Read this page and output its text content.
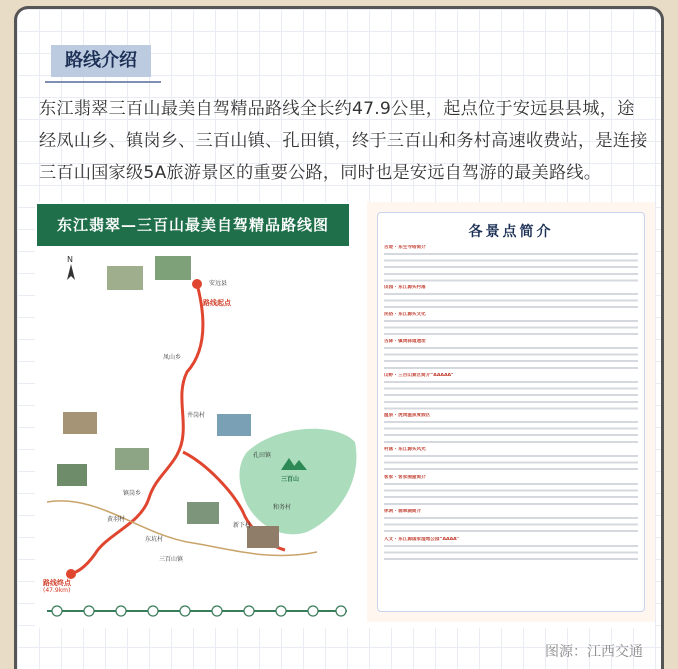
路线介绍
东江翡翠三百山最美自驾精品路线全长约47.9公里，起点位于安远县县城，途经凤山乡、镇岗乡、三百山镇、孔田镇，终于三百山和务村高速收费站，是连接三百山国家级5A旅游景区的重要公路，同时也是安远自驾游的最美路线。
东江翡翠—三百山最美自驾精品路线图
N
路线起点
路线终点
(47.9km)
安远县
凤山乡
井岗村
黄羽村
东坑村
镇岗乡
新下村
三百山镇
孔田镇
和务村
三百山
各景点简介
古迹 · 东生寺塔简介
田园 · 东江源头村落
民俗 · 东江源头文化
古驿 · 镇岗驿道遗址
山野 · 三百山景区简介“AAAAA”
温泉 · 虎岗温泉度假区
村落 · 东江源头风光
客家 · 客家围屋简介
休闲 · 翡翠湖简介
人文 · 东江源国家湿地公园“AAAA”
图源：江西交通
